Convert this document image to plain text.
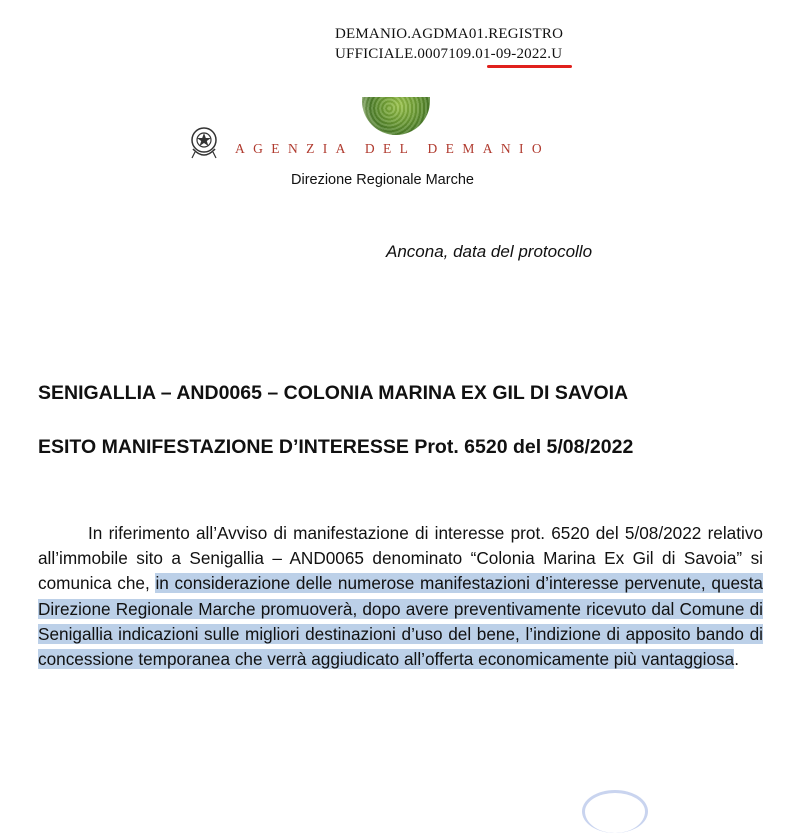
DEMANIO.AGDMA01.REGISTRO
UFFICIALE.0007109.01-09-2022.U
AGENZIA DEL DEMANIO
Direzione Regionale Marche
Ancona, data del protocollo
SENIGALLIA – AND0065 – COLONIA MARINA EX GIL DI SAVOIA
ESITO MANIFESTAZIONE D’INTERESSE Prot. 6520 del 5/08/2022
In riferimento all’Avviso di manifestazione di interesse prot. 6520 del 5/08/2022 relativo all’immobile sito a Senigallia – AND0065 denominato “Colonia Marina Ex Gil di Savoia” si comunica che, in considerazione delle numerose manifestazioni d’interesse pervenute, questa Direzione Regionale Marche promuoverà, dopo avere preventivamente ricevuto dal Comune di Senigallia indicazioni sulle migliori destinazioni d’uso del bene, l’indizione di apposito bando di concessione temporanea che verrà aggiudicato all’offerta economicamente più vantaggiosa.
